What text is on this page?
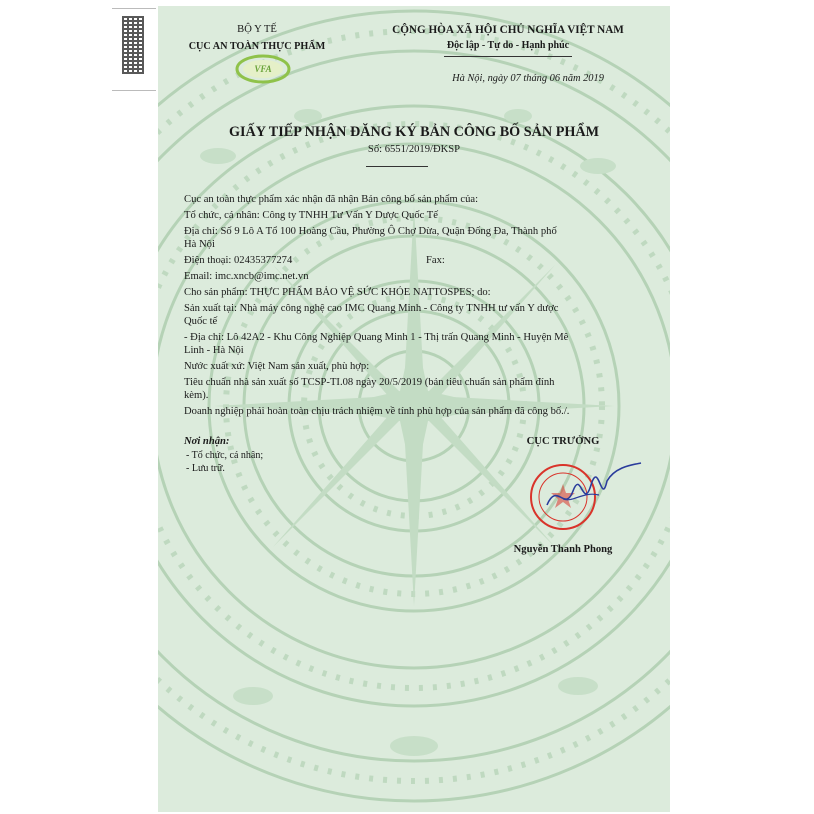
BỘ Y TẾ
CỤC AN TOÀN THỰC PHẨM
VFA
CỘNG HÒA XÃ HỘI CHỦ NGHĨA VIỆT NAM
Độc lập - Tự do - Hạnh phúc
Hà Nội, ngày 07 tháng 06 năm 2019
GIẤY TIẾP NHẬN ĐĂNG KÝ BẢN CÔNG BỐ SẢN PHẨM
Số: 6551/2019/ĐKSP
Cục an toàn thực phẩm xác nhận đã nhận Bản công bố sản phẩm của:
Tổ chức, cá nhân: Công ty TNHH Tư Vấn Y Dược Quốc Tế
Địa chỉ: Số 9 Lô A Tổ 100 Hoàng Cầu, Phường Ô Chợ Dừa, Quận Đống Đa, Thành phố
Hà Nội
Điện thoại: 02435377274	Fax:
Email: imc.xncb@imc.net.vn
Cho sản phẩm: THỰC PHẨM BẢO VỆ SỨC KHỎE NATTOSPES; do:
Sản xuất tại: Nhà máy công nghệ cao IMC Quang Minh - Công ty TNHH tư vấn Y dược
Quốc tế
- Địa chỉ: Lô 42A2 - Khu Công Nghiệp Quang Minh 1 - Thị trấn Quang Minh - Huyện Mê
Linh - Hà Nội
Nước xuất xứ: Việt Nam sản xuất, phù hợp:
Tiêu chuẩn nhà sản xuất số TCSP-TI.08 ngày 20/5/2019 (bản tiêu chuẩn sản phẩm đính
kèm).
Doanh nghiệp phải hoàn toàn chịu trách nhiệm về tính phù hợp của sản phẩm đã công bố./.
Nơi nhận:
- Tổ chức, cá nhân;
- Lưu trữ.
CỤC TRƯỞNG
Nguyễn Thanh Phong
